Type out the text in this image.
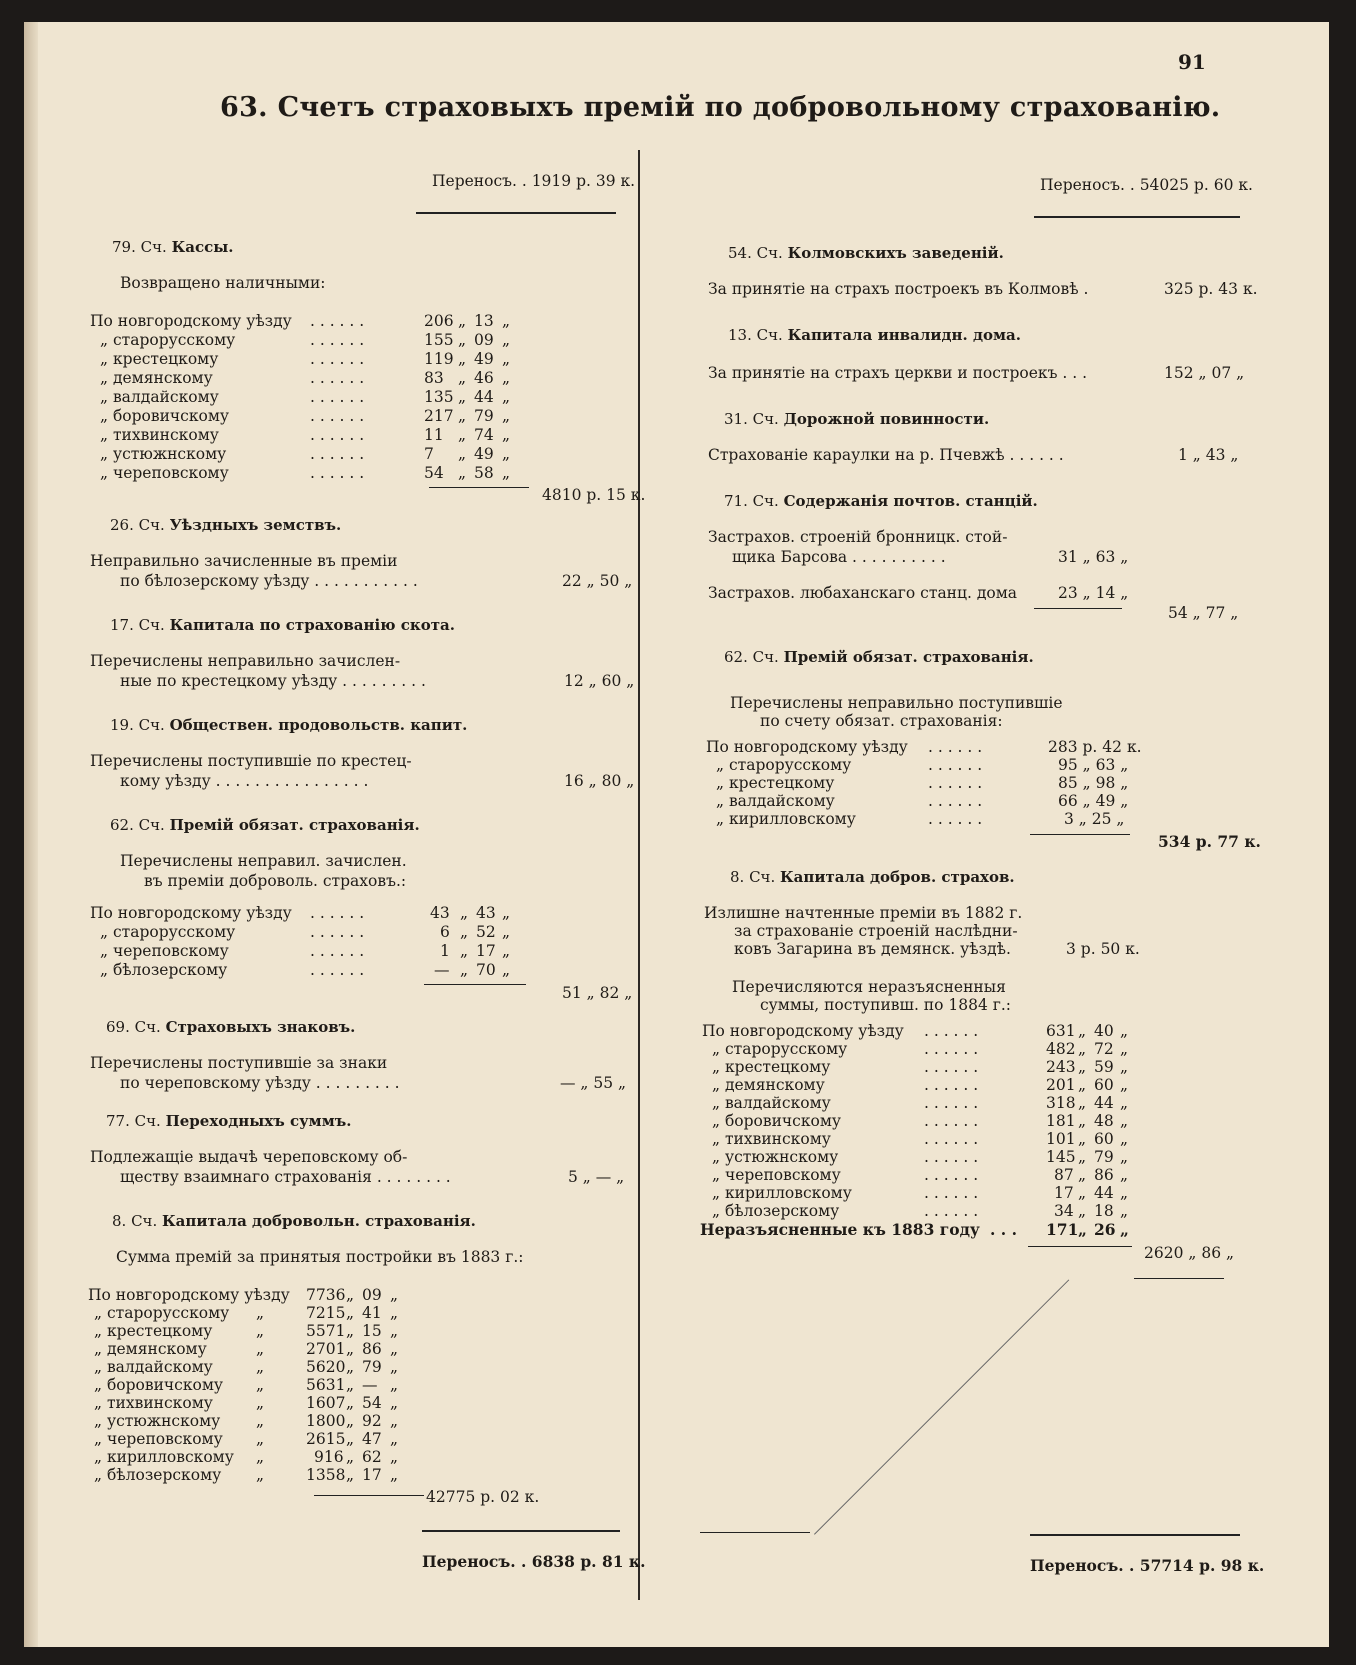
91
63. Счетъ страховыхъ премій по добровольному страхованію.
Переносъ. . 1919 р. 39 к.
79. Сч. Кассы.
Возвращено наличными:
По новгородскому уѣзду . . . . . .	206 „ 13 „
„ старорусскому	. . . . . .	155 „ 09 „
„ крестецкому	. . . . . .	119 „ 49 „
„ демянскому	. . . . . .	83 „ 46 „
„ валдайскому	. . . . . .	135 „ 44 „
„ боровичскому	. . . . . .	217 „ 79 „
„ тихвинскому	. . . . . .	11 „ 74 „
„ устюжнскому	. . . . . .	7 „ 49 „
„ череповскому	. . . . . .	54 „ 58 „
4810 р. 15 к.
26. Сч. Уѣздныхъ земствъ.
Неправильно зачисленные въ преміи
по бѣлозерскому уѣзду . . . . . . . . . . .	22 „ 50 „
17. Сч. Капитала по страхованію скота.
Перечислены неправильно зачислен-
ные по крестецкому уѣзду . . . . . . . . .	12 „ 60 „
19. Сч. Обществен. продовольств. капит.
Перечислены поступившіе по крестец-
кому уѣзду . . . . . . . . . . . . . . . .	16 „ 80 „
62. Сч. Премій обязат. страхованія.
Перечислены неправил. зачислен.
въ преміи доброволь. страховъ.:
По новгородскому уѣзду . . . . . .	43 „ 43 „
„ старорусскому	. . . . . .	6 „ 52 „
„ череповскому	. . . . . .	1 „ 17 „
„ бѣлозерскому	. . . . . .	— „ 70 „
51 „ 82 „
69. Сч. Страховыхъ знаковъ.
Перечислены поступившіе за знаки
по череповскому уѣзду . . . . . . . . .	— „ 55 „
77. Сч. Переходныхъ суммъ.
Подлежащіе выдачѣ череповскому об-
ществу взаимнаго страхованія . . . . . . . .	5 „ — „
8. Сч. Капитала добровольн. страхованія.
Сумма премій за принятыя постройки въ 1883 г.:
По новгородскому уѣзду 7736 „ 09 „
„ старорусскому „	7215 „ 41 „
„ крестецкому	„	5571 „ 15 „
„ демянскому	„	2701 „ 86 „
„ валдайскому	„	5620 „ 79 „
„ боровичскому „	5631 „ — „
„ тихвинскому	„	1607 „ 54 „
„ устюжнскому „	1800 „ 92 „
„ череповскому „	2615 „ 47 „
„ кирилловскому „	916 „ 62 „
„ бѣлозерскому „	1358 „ 17 „
42775 р. 02 к.
Переносъ. . 6838 р. 81 к.
Переносъ. . 54025 р. 60 к.
54. Сч. Колмовскихъ заведеній.
За принятіе на страхъ построекъ въ Колмовѣ .	325 р. 43 к.
13. Сч. Капитала инвалидн. дома.
За принятіе на страхъ церкви и построекъ . . .	152 „ 07 „
31. Сч. Дорожной повинности.
Страхованіе караулки на р. Пчевжѣ . . . . . .	1 „ 43 „
71. Сч. Содержанія почтов. станцій.
Застрахов. строеній бронницк. стой-
щика Барсова . . . . . . . . . .	31 „ 63 „
Застрахов. любаханскаго станц. дома	23 „ 14 „
54 „ 77 „
62. Сч. Премій обязат. страхованія.
Перечислены неправильно поступившіе
по счету обязат. страхованія:
По новгородскому уѣзду . . . . . .	283 р. 42 к.
„ старорусскому	. . . . . .	95 „ 63 „
„ крестецкому	. . . . . .	85 „ 98 „
„ валдайскому	. . . . . .	66 „ 49 „
„ кирилловскому	. . . . . .	3 „ 25 „
534 р. 77 к.
8. Сч. Капитала добров. страхов.
Излишне начтенные преміи въ 1882 г.
за страхованіе строеній наслѣдни-
ковъ Загарина въ демянск. уѣздѣ.	3 р. 50 к.
Перечисляются неразъясненныя
суммы, поступивш. по 1884 г.:
По новгородскому уѣзду . . . . . .	631 „ 40 „
„ старорусскому	. . . . . .	482 „ 72 „
„ крестецкому	. . . . . .	243 „ 59 „
„ демянскому	. . . . . .	201 „ 60 „
„ валдайскому	. . . . . .	318 „ 44 „
„ боровичскому	. . . . . .	181 „ 48 „
„ тихвинскому	. . . . . .	101 „ 60 „
„ устюжнскому	. . . . . .	145 „ 79 „
„ череповскому	. . . . . .	87 „ 86 „
„ кирилловскому	. . . . . .	17 „ 44 „
„ бѣлозерскому	. . . . . .	34 „ 18 „
Неразъясненные къ 1883 году . . . 171 „ 26 „
2620 „ 86 „
Переносъ. . 57714 р. 98 к.
